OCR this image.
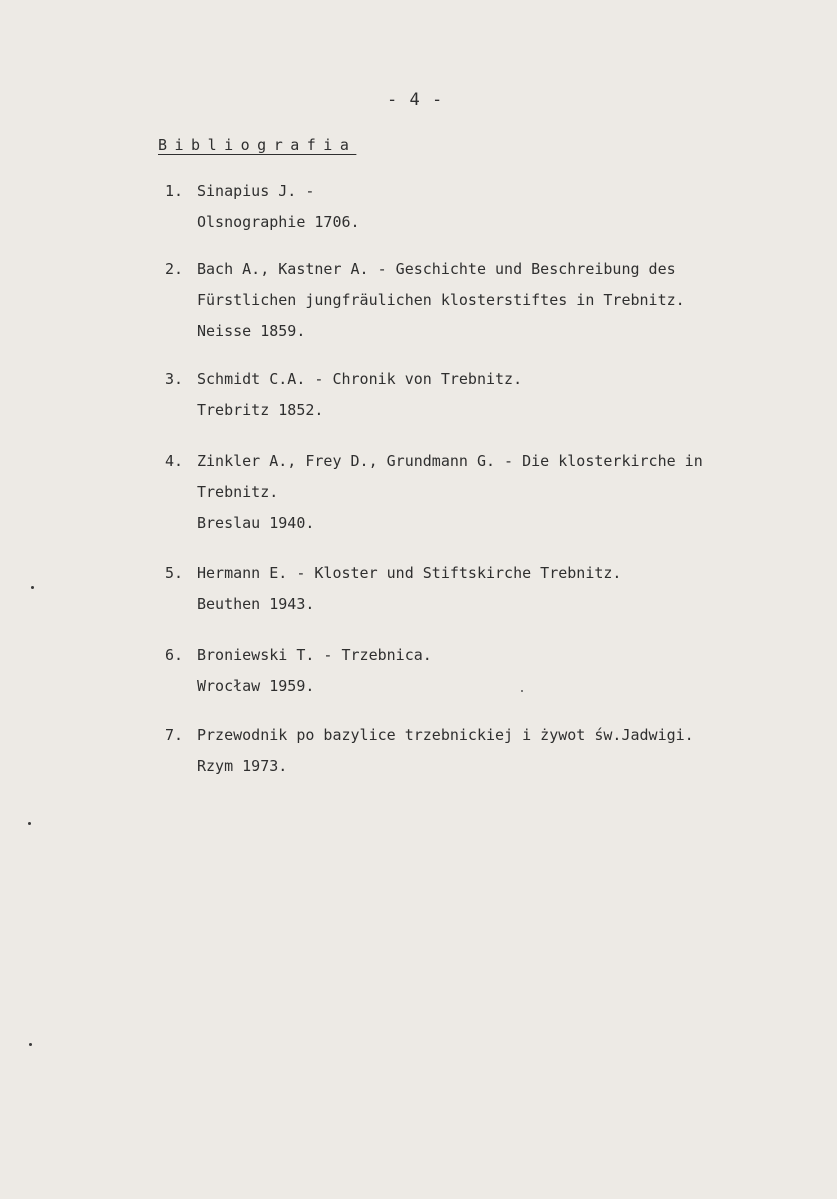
- 4 -
Bibliografia
1. Sinapius J. -
Olsnographie 1706.
2. Bach A., Kastner A. - Geschichte und Beschreibung des
Fürstlichen jungfräulichen klosterstiftes in Trebnitz.
Neisse 1859.
3. Schmidt C.A. - Chronik von Trebnitz.
Trebritz 1852.
4. Zinkler A., Frey D., Grundmann G. - Die klosterkirche in
Trebnitz.
Breslau 1940.
5. Hermann E. - Kloster und Stiftskirche Trebnitz.
Beuthen 1943.
6. Broniewski T. - Trzebnica.
Wrocław 1959.
7. Przewodnik po bazylice trzebnickiej i żywot św.Jadwigi.
Rzym 1973.
